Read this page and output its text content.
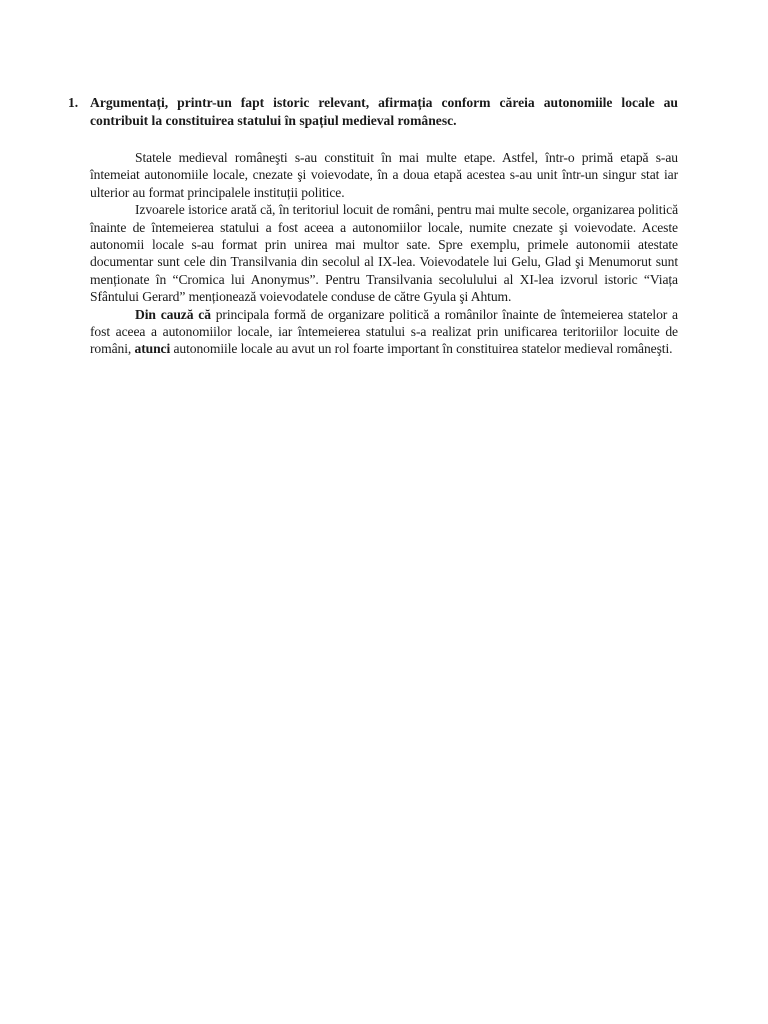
1. Argumentați, printr-un fapt istoric relevant, afirmația conform căreia autonomiile locale au contribuit la constituirea statului în spațiul medieval românesc.

Statele medieval româneşti s-au constituit în mai multe etape. Astfel, într-o primă etapă s-au întemeiat autonomiile locale, cnezate şi voievodate, în a doua etapă acestea s-au unit într-un singur stat iar ulterior au format principalele instituții politice.

Izvoarele istorice arată că, în teritoriul locuit de români, pentru mai multe secole, organizarea politică înainte de întemeierea statului a fost aceea a autonomiilor locale, numite cnezate şi voievodate. Aceste autonomii locale s-au format prin unirea mai multor sate. Spre exemplu, primele autonomii atestate documentar sunt cele din Transilvania din secolul al IX-lea. Voievodatele lui Gelu, Glad şi Menumorut sunt menționate în “Cromica lui Anonymus”. Pentru Transilvania secolulului al XI-lea izvorul istoric “Viața Sfântului Gerard” menționează voievodatele conduse de către Gyula şi Ahtum.

Din cauză că principala formă de organizare politică a românilor înainte de întemeierea statelor a fost aceea a autonomiilor locale, iar întemeierea statului s-a realizat prin unificarea teritoriilor locuite de români, atunci autonomiile locale au avut un rol foarte important în constituirea statelor medieval româneşti.
